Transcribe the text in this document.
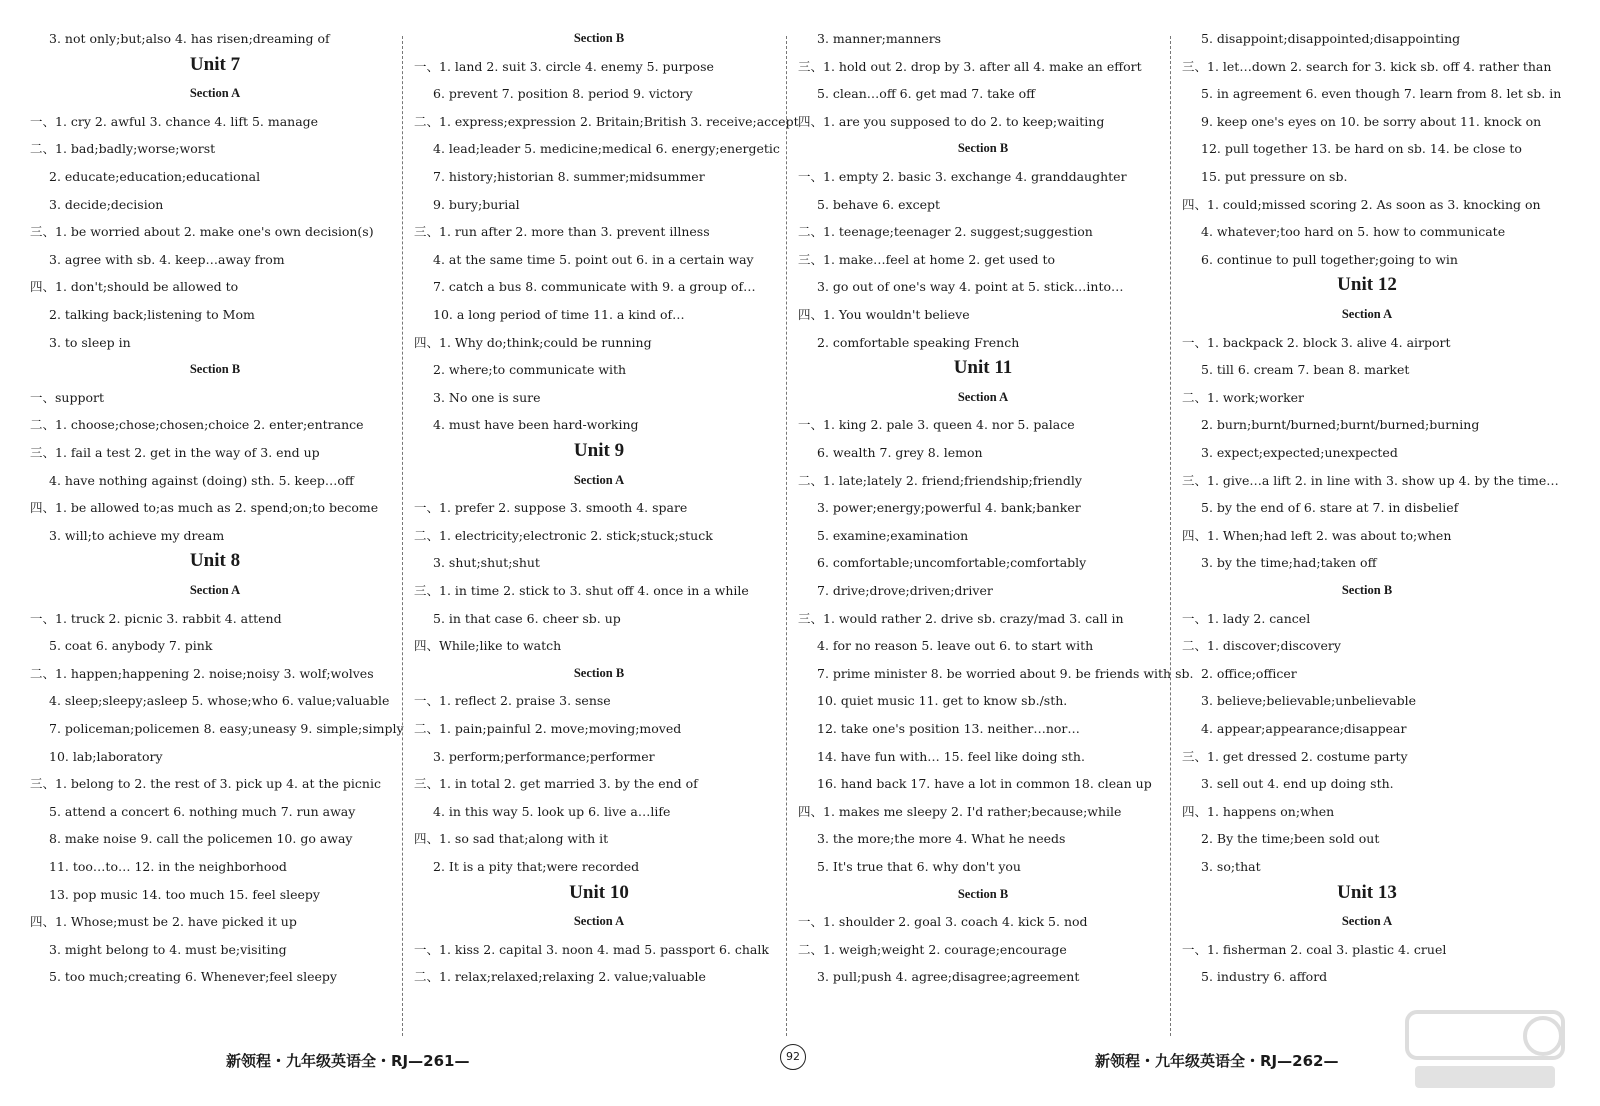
3. not only;but;also 4. has risen;dreaming of
Unit 7
Section A
一、1. cry 2. awful 3. chance 4. lift 5. manage
二、1. bad;badly;worse;worst
2. educate;education;educational
3. decide;decision
三、1. be worried about 2. make one's own decision(s)
3. agree with sb. 4. keep…away from
四、1. don't;should be allowed to
2. talking back;listening to Mom
3. to sleep in
Section B
一、support
二、1. choose;chose;chosen;choice 2. enter;entrance
三、1. fail a test 2. get in the way of 3. end up
4. have nothing against (doing) sth. 5. keep…off
四、1. be allowed to;as much as 2. spend;on;to become
3. will;to achieve my dream
Unit 8
Section A
一、1. truck 2. picnic 3. rabbit 4. attend
5. coat 6. anybody 7. pink
二、1. happen;happening 2. noise;noisy 3. wolf;wolves
4. sleep;sleepy;asleep 5. whose;who 6. value;valuable
7. policeman;policemen 8. easy;uneasy 9. simple;simply
10. lab;laboratory
三、1. belong to 2. the rest of 3. pick up 4. at the picnic
5. attend a concert 6. nothing much 7. run away
8. make noise 9. call the policemen 10. go away
11. too…to… 12. in the neighborhood
13. pop music 14. too much 15. feel sleepy
四、1. Whose;must be 2. have picked it up
3. might belong to 4. must be;visiting
5. too much;creating 6. Whenever;feel sleepy
Section B
一、1. land 2. suit 3. circle 4. enemy 5. purpose
6. prevent 7. position 8. period 9. victory
二、1. express;expression 2. Britain;British 3. receive;accept
4. lead;leader 5. medicine;medical 6. energy;energetic
7. history;historian 8. summer;midsummer
9. bury;burial
三、1. run after 2. more than 3. prevent illness
4. at the same time 5. point out 6. in a certain way
7. catch a bus 8. communicate with 9. a group of…
10. a long period of time 11. a kind of…
四、1. Why do;think;could be running
2. where;to communicate with
3. No one is sure
4. must have been hard-working
Unit 9
Section A
一、1. prefer 2. suppose 3. smooth 4. spare
二、1. electricity;electronic 2. stick;stuck;stuck
3. shut;shut;shut
三、1. in time 2. stick to 3. shut off 4. once in a while
5. in that case 6. cheer sb. up
四、While;like to watch
Section B
一、1. reflect 2. praise 3. sense
二、1. pain;painful 2. move;moving;moved
3. perform;performance;performer
三、1. in total 2. get married 3. by the end of
4. in this way 5. look up 6. live a…life
四、1. so sad that;along with it
2. It is a pity that;were recorded
Unit 10
Section A
一、1. kiss 2. capital 3. noon 4. mad 5. passport 6. chalk
二、1. relax;relaxed;relaxing 2. value;valuable
3. manner;manners
三、1. hold out 2. drop by 3. after all 4. make an effort
5. clean…off 6. get mad 7. take off
四、1. are you supposed to do 2. to keep;waiting
Section B
一、1. empty 2. basic 3. exchange 4. granddaughter
5. behave 6. except
二、1. teenage;teenager 2. suggest;suggestion
三、1. make…feel at home 2. get used to
3. go out of one's way 4. point at 5. stick…into…
四、1. You wouldn't believe
2. comfortable speaking French
Unit 11
Section A
一、1. king 2. pale 3. queen 4. nor 5. palace
6. wealth 7. grey 8. lemon
二、1. late;lately 2. friend;friendship;friendly
3. power;energy;powerful 4. bank;banker
5. examine;examination
6. comfortable;uncomfortable;comfortably
7. drive;drove;driven;driver
三、1. would rather 2. drive sb. crazy/mad 3. call in
4. for no reason 5. leave out 6. to start with
7. prime minister 8. be worried about 9. be friends with sb.
10. quiet music 11. get to know sb./sth.
12. take one's position 13. neither…nor…
14. have fun with… 15. feel like doing sth.
16. hand back 17. have a lot in common 18. clean up
四、1. makes me sleepy 2. I'd rather;because;while
3. the more;the more 4. What he needs
5. It's true that 6. why don't you
Section B
一、1. shoulder 2. goal 3. coach 4. kick 5. nod
二、1. weigh;weight 2. courage;encourage
3. pull;push 4. agree;disagree;agreement
5. disappoint;disappointed;disappointing
三、1. let…down 2. search for 3. kick sb. off 4. rather than
5. in agreement 6. even though 7. learn from 8. let sb. in
9. keep one's eyes on 10. be sorry about 11. knock on
12. pull together 13. be hard on sb. 14. be close to
15. put pressure on sb.
四、1. could;missed scoring 2. As soon as 3. knocking on
4. whatever;too hard on 5. how to communicate
6. continue to pull together;going to win
Unit 12
Section A
一、1. backpack 2. block 3. alive 4. airport
5. till 6. cream 7. bean 8. market
二、1. work;worker
2. burn;burnt/burned;burnt/burned;burning
3. expect;expected;unexpected
三、1. give…a lift 2. in line with 3. show up 4. by the time…
5. by the end of 6. stare at 7. in disbelief
四、1. When;had left 2. was about to;when
3. by the time;had;taken off
Section B
一、1. lady 2. cancel
二、1. discover;discovery
2. office;officer
3. believe;believable;unbelievable
4. appear;appearance;disappear
三、1. get dressed 2. costume party
3. sell out 4. end up doing sth.
四、1. happens on;when
2. By the time;been sold out
3. so;that
Unit 13
Section A
一、1. fisherman 2. coal 3. plastic 4. cruel
5. industry 6. afford
新领程・九年级英语全・RJ—261—	92	新领程・九年级英语全・RJ—262—
